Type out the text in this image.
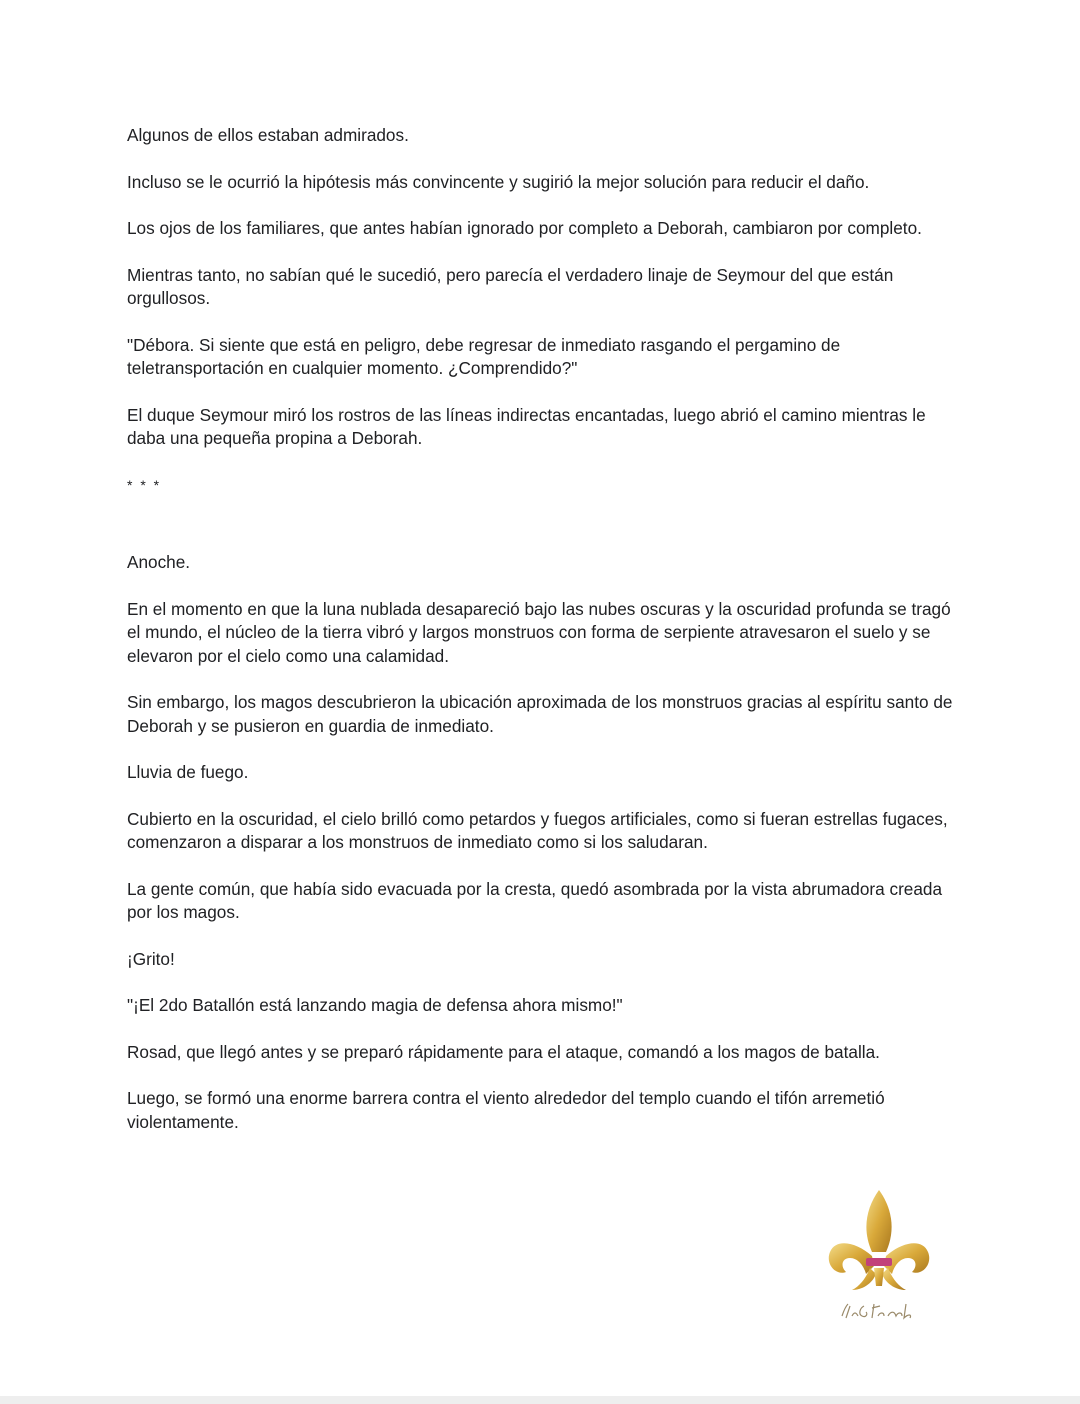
Algunos de ellos estaban admirados.

Incluso se le ocurrió la hipótesis más convincente y sugirió la mejor solución para reducir el daño.

Los ojos de los familiares, que antes habían ignorado por completo a Deborah, cambiaron por completo.

Mientras tanto, no sabían qué le sucedió, pero parecía el verdadero linaje de Seymour del que están orgullosos.

"Débora. Si siente que está en peligro, debe regresar de inmediato rasgando el pergamino de teletransportación en cualquier momento. ¿Comprendido?"

El duque Seymour miró los rostros de las líneas indirectas encantadas, luego abrió el camino mientras le daba una pequeña propina a Deborah.

* * *

Anoche.

En el momento en que la luna nublada desapareció bajo las nubes oscuras y la oscuridad profunda se tragó el mundo, el núcleo de la tierra vibró y largos monstruos con forma de serpiente atravesaron el suelo y se elevaron por el cielo como una calamidad.

Sin embargo, los magos descubrieron la ubicación aproximada de los monstruos gracias al espíritu santo de Deborah y se pusieron en guardia de inmediato.

Lluvia de fuego.

Cubierto en la oscuridad, el cielo brilló como petardos y fuegos artificiales, como si fueran estrellas fugaces, comenzaron a disparar a los monstruos de inmediato como si los saludaran.

La gente común, que había sido evacuada por la cresta, quedó asombrada por la vista abrumadora creada por los magos.

¡Grito!

"¡El 2do Batallón está lanzando magia de defensa ahora mismo!"

Rosad, que llegó antes y se preparó rápidamente para el ataque, comandó a los magos de batalla.

Luego, se formó una enorme barrera contra el viento alrededor del templo cuando el tifón arremetió violentamente.
